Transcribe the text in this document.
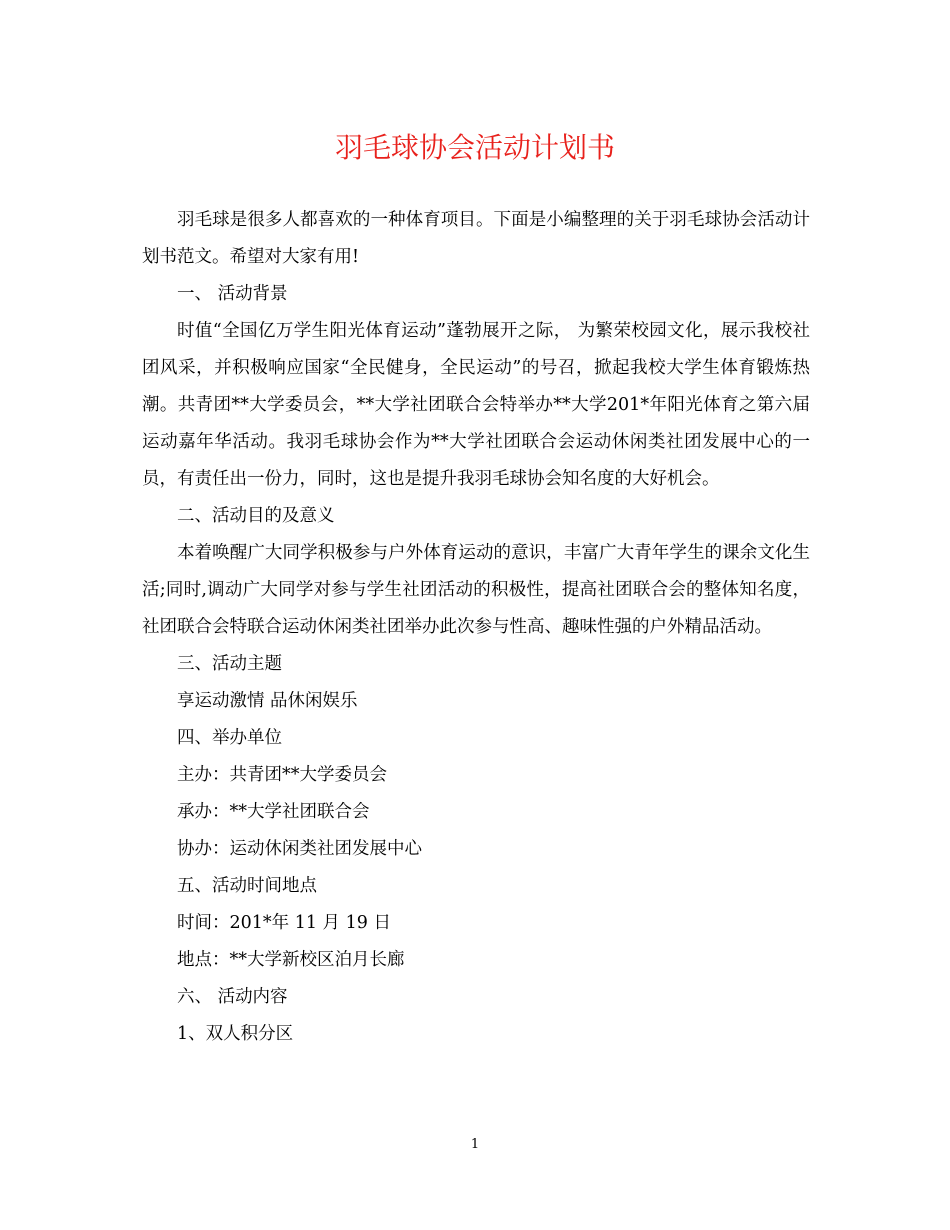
羽毛球协会活动计划书

羽毛球是很多人都喜欢的一种体育项目。下面是小编整理的关于羽毛球协会活动计划书范文。希望对大家有用!

一、 活动背景

时值“全国亿万学生阳光体育运动”蓬勃展开之际， 为繁荣校园文化，展示我校社团风采，并积极响应国家“全民健身，全民运动”的号召，掀起我校大学生体育锻炼热潮。共青团**大学委员会，**大学社团联合会特举办**大学201*年阳光体育之第六届运动嘉年华活动。我羽毛球协会作为**大学社团联合会运动休闲类社团发展中心的一员，有责任出一份力，同时，这也是提升我羽毛球协会知名度的大好机会。

二、活动目的及意义

本着唤醒广大同学积极参与户外体育运动的意识，丰富广大青年学生的课余文化生活;同时,调动广大同学对参与学生社团活动的积极性，提高社团联合会的整体知名度，社团联合会特联合运动休闲类社团举办此次参与性高、趣味性强的户外精品活动。

三、活动主题

享运动激情 品休闲娱乐

四、举办单位

主办：共青团**大学委员会

承办：**大学社团联合会

协办：运动休闲类社团发展中心

五、活动时间地点

时间：201*年 11 月 19 日

地点：**大学新校区泊月长廊

六、 活动内容

1、双人积分区

1
